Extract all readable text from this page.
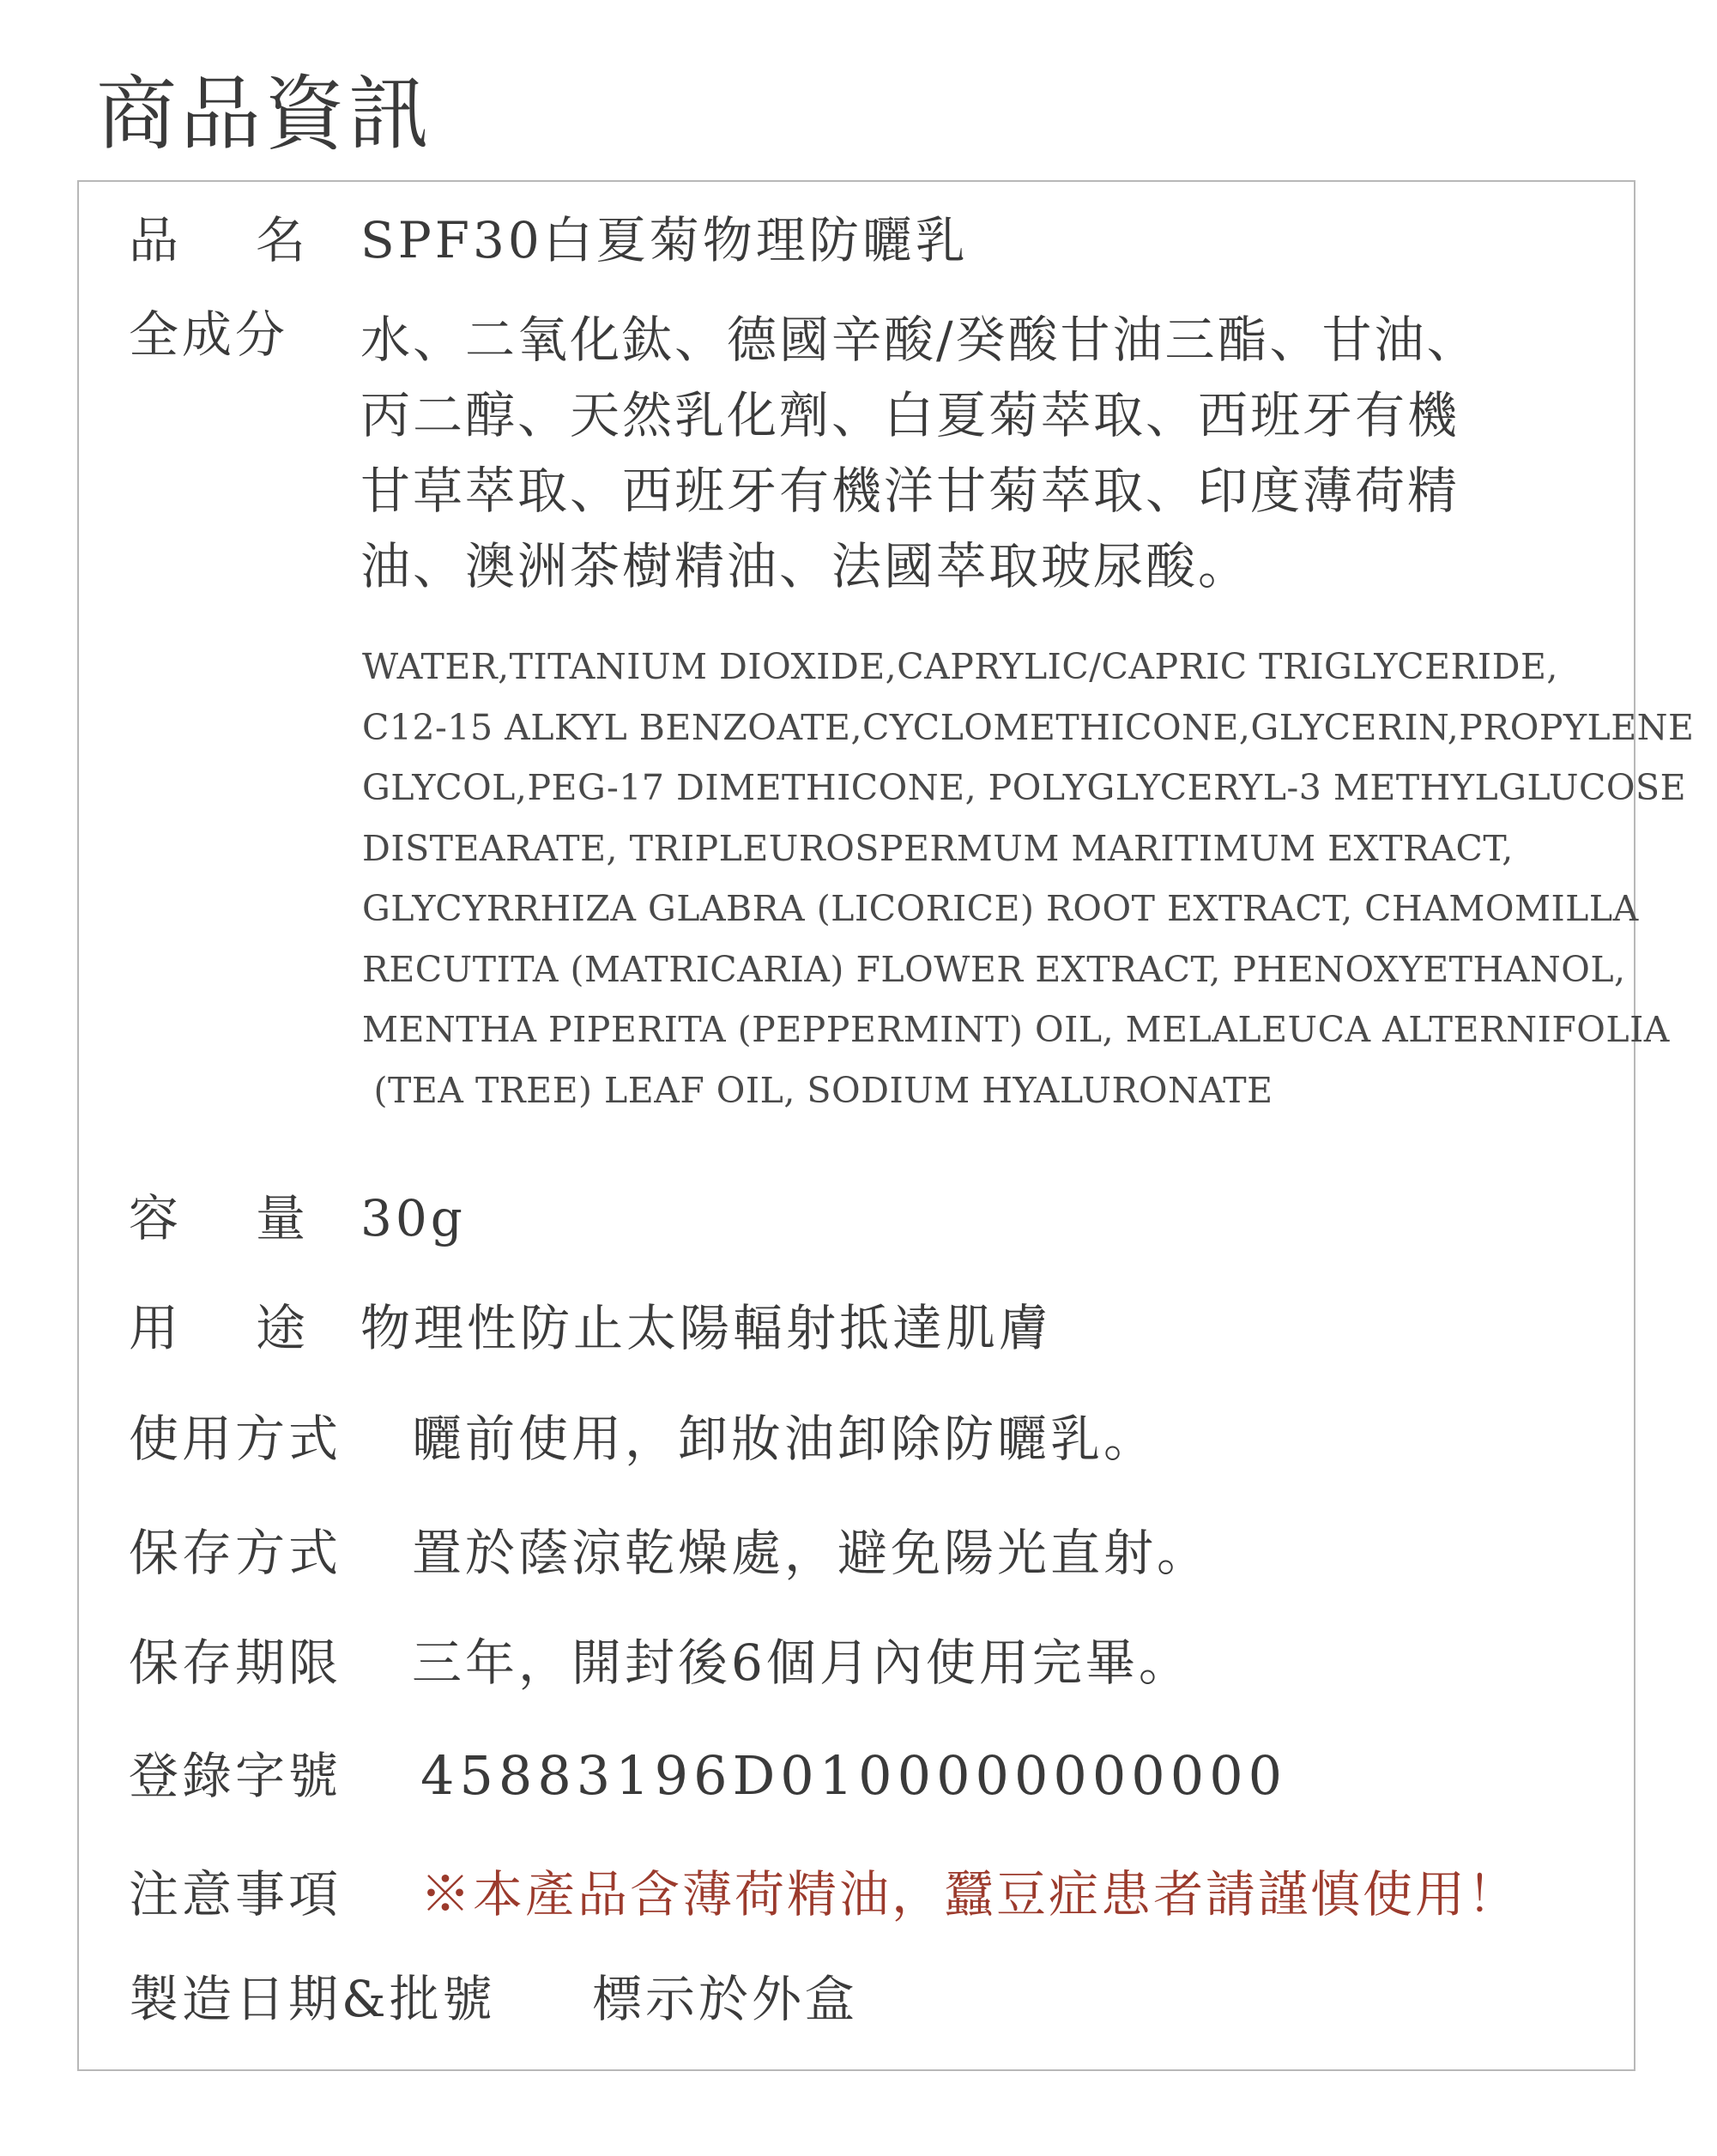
商品資訊
品 名 SPF30白夏菊物理防曬乳
全成分	水、二氧化鈦、德國辛酸/癸酸甘油三酯、甘油、
丙二醇、天然乳化劑、白夏菊萃取、西班牙有機
甘草萃取、西班牙有機洋甘菊萃取、印度薄荷精
油、澳洲茶樹精油、法國萃取玻尿酸。
WATER,TITANIUM DIOXIDE,CAPRYLIC/CAPRIC TRIGLYCERIDE,
C12-15 ALKYL BENZOATE,CYCLOMETHICONE,GLYCERIN,PROPYLENE
GLYCOL,PEG-17 DIMETHICONE, POLYGLYCERYL-3 METHYLGLUCOSE
DISTEARATE, TRIPLEUROSPERMUM MARITIMUM EXTRACT,
GLYCYRRHIZA GLABRA (LICORICE) ROOT EXTRACT, CHAMOMILLA
RECUTITA (MATRICARIA) FLOWER EXTRACT, PHENOXYETHANOL,
MENTHA PIPERITA (PEPPERMINT) OIL, MELALEUCA ALTERNIFOLIA
(TEA TREE) LEAF OIL, SODIUM HYALURONATE
容 量 30g
用 途 物理性防止太陽輻射抵達肌膚
使用方式	曬前使用，卸妝油卸除防曬乳。
保存方式	置於蔭涼乾燥處，避免陽光直射。
保存期限	三年，開封後6個月內使用完畢。
登錄字號	45883196D0100000000000
注意事項	※本產品含薄荷精油，蠶豆症患者請謹慎使用！
製造日期&批號	標示於外盒
